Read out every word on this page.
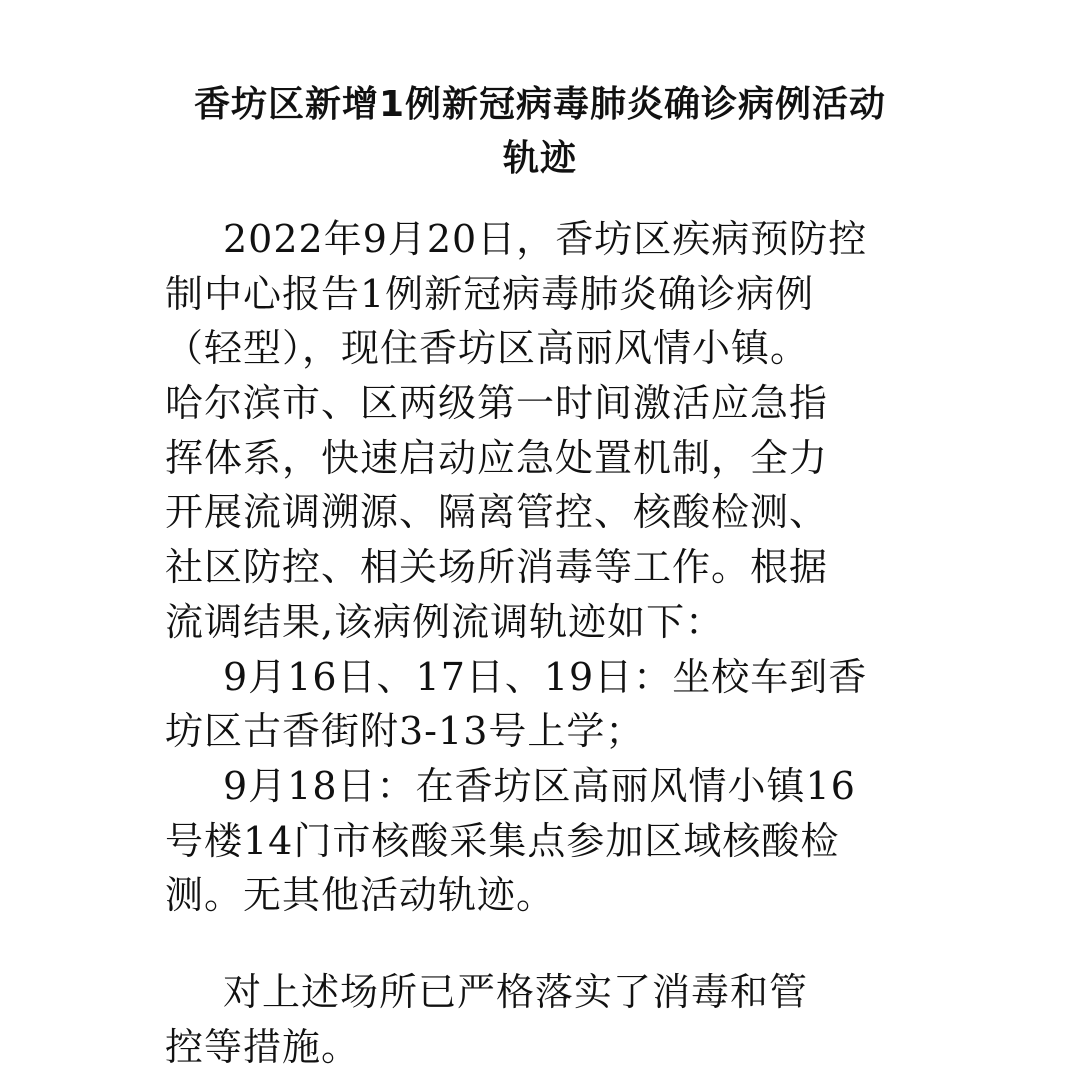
香坊区新增1例新冠病毒肺炎确诊病例活动
轨迹
2022年9月20日，香坊区疾病预防控
制中心报告1例新冠病毒肺炎确诊病例
（轻型），现住香坊区高丽风情小镇。
哈尔滨市、区两级第一时间激活应急指
挥体系，快速启动应急处置机制，全力
开展流调溯源、隔离管控、核酸检测、
社区防控、相关场所消毒等工作。根据
流调结果,该病例流调轨迹如下：
9月16日、17日、19日：坐校车到香
坊区古香街附3-13号上学；
9月18日：在香坊区高丽风情小镇16
号楼14门市核酸采集点参加区域核酸检
测。无其他活动轨迹。
对上述场所已严格落实了消毒和管
控等措施。
